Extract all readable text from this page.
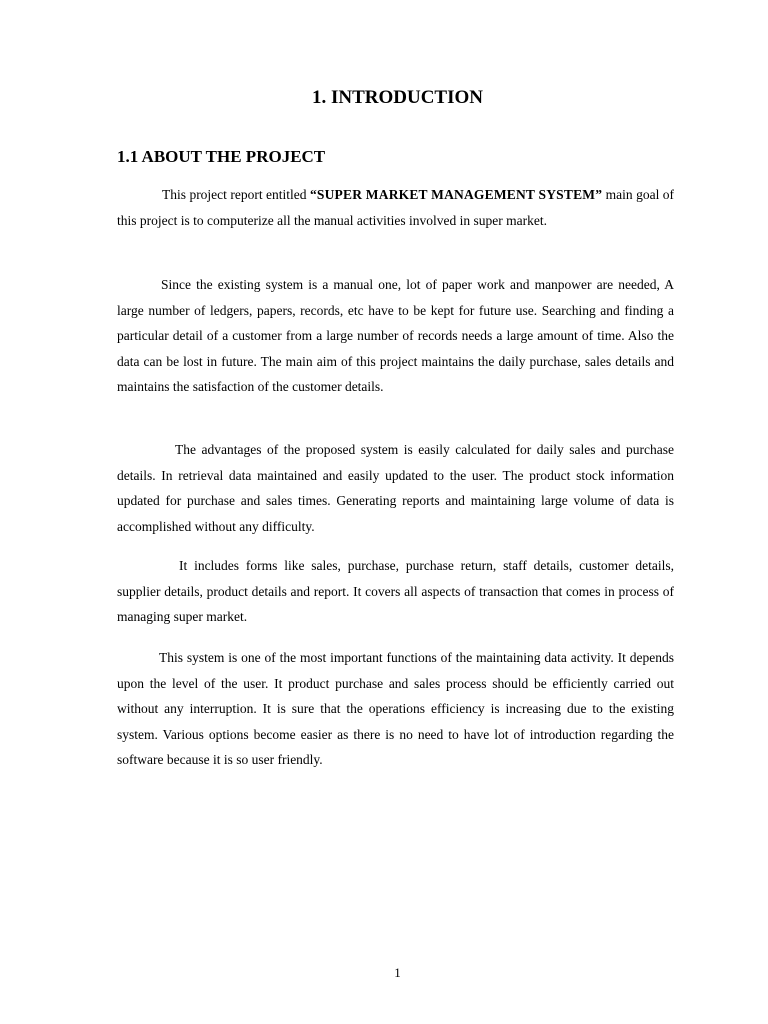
1. INTRODUCTION
1.1 ABOUT THE PROJECT

This project report entitled “SUPER MARKET MANAGEMENT SYSTEM” main goal of this project is to computerize all the manual activities involved in super market.

Since the existing system is a manual one, lot of paper work and manpower are needed, A large number of ledgers, papers, records, etc have to be kept for future use. Searching and finding a particular detail of a customer from a large number of records needs a large amount of time. Also the data can be lost in future. The main aim of this project maintains the daily purchase, sales details and maintains the satisfaction of the customer details.

The advantages of the proposed system is easily calculated for daily sales and purchase details. In retrieval data maintained and easily updated to the user. The product stock information updated for purchase and sales times. Generating reports and maintaining large volume of data is accomplished without any difficulty.

It includes forms like sales, purchase, purchase return, staff details, customer details, supplier details, product details and report. It covers all aspects of transaction that comes in process of managing super market.

This system is one of the most important functions of the maintaining data activity. It depends upon the level of the user. It product purchase and sales process should be efficiently carried out without any interruption. It is sure that the operations efficiency is increasing due to the existing system. Various options become easier as there is no need to have lot of introduction regarding the software because it is so user friendly.

1
